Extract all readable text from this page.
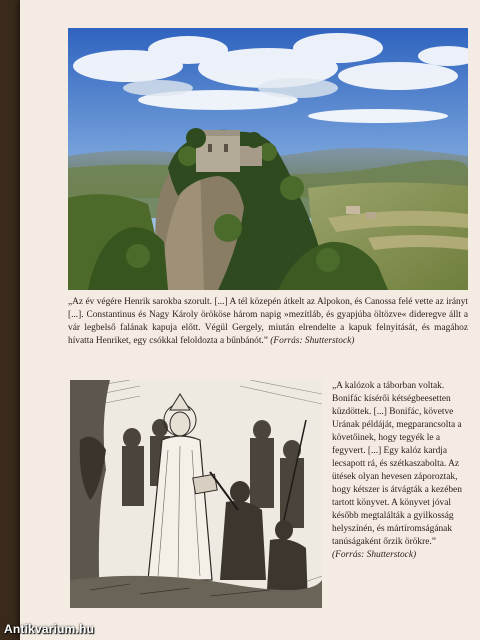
„Az év végére Henrik sarokba szorult. [...] A tél közepén átkelt az Alpokon, és Canossa felé vette az irányt [...]. Constantinus és Nagy Károly örököse három napig »mezítláb, és gyapjúba öltözve« dideregve állt a vár legbelső falának kapuja előtt. Végül Gergely, miután elrendelte a kapuk felnyitását, és magához hívatta Henriket, egy csókkal feloldozta a bűnbánót.” (Forrás: Shutterstock)

„A kalózok a táborban voltak. Bonifác kísérői kétségbeesetten küzdöttek. [...] Bonifác, követve Urának példáját, megparancsolta a követőinek, hogy tegyék le a fegyvert. [...] Egy kalóz kardja lecsapott rá, és szétkaszabolta. Az ütések olyan hevesen záporoztak, hogy kétszer is átvágták a kezében tartott könyvet. A könyvet jóval később megtalálták a gyilkosság helyszínén, és mártíromságának tanúságaként őrzik örökre.” (Forrás: Shutterstock)

Antikvarium.hu
